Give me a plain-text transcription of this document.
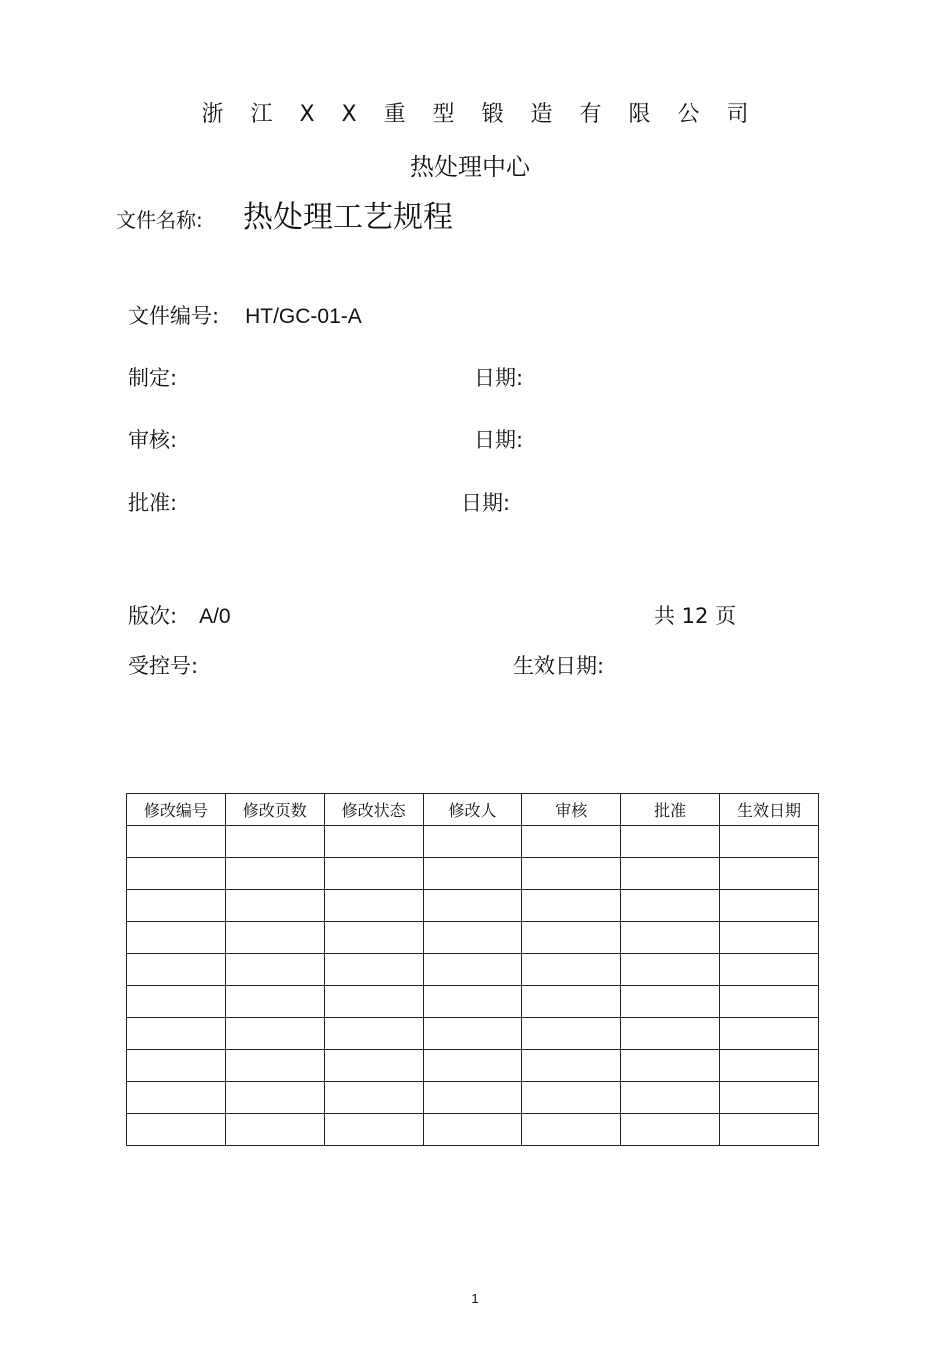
浙 江 X X 重 型 锻 造 有 限 公 司
热处理中心
文件名称: 热处理工艺规程
文件编号: HT/GC-01-A
制定:	日期:
审核:	日期:
批准:	日期:
版次: A/0	共 12 页
受控号:	生效日期:
修改编号	修改页数	修改状态	修改人	审核	批准	生效日期

1
